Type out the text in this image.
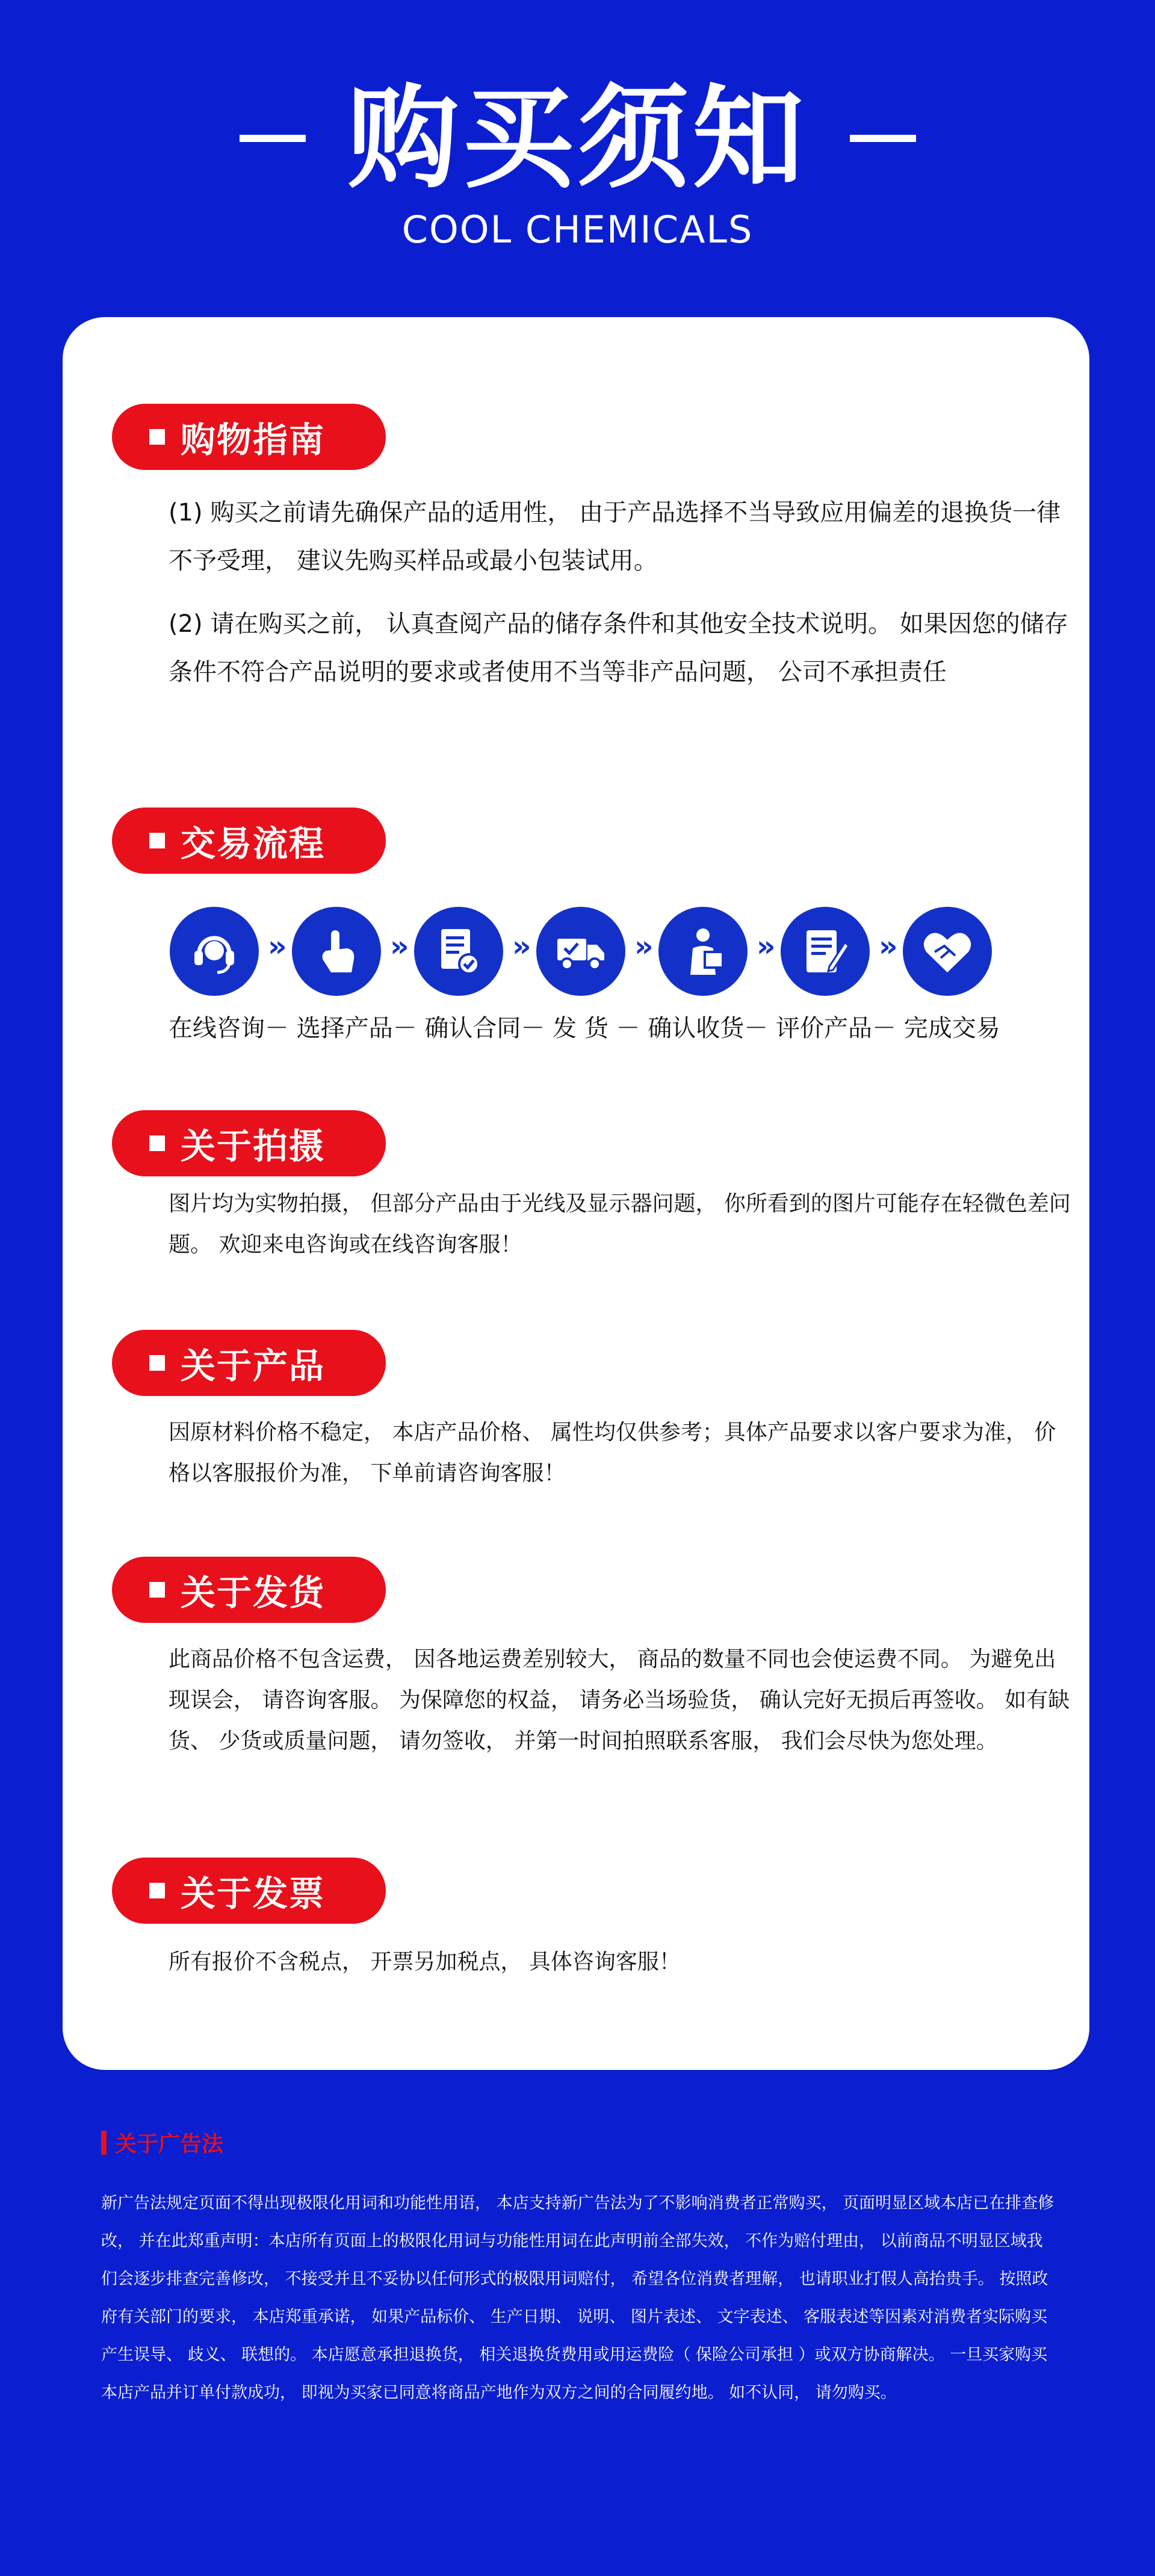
购买须知
COOL CHEMICALS
购物指南
(1) 购买之前请先确保产品的适用性， 由于产品选择不当导致应用偏差的退换货一律不予受理， 建议先购买样品或最小包装试用。
(2) 请在购买之前， 认真查阅产品的储存条件和其他安全技术说明。 如果因您的储存条件不符合产品说明的要求或者使用不当等非产品问题， 公司不承担责任
交易流程
关于拍摄
图片均为实物拍摄， 但部分产品由于光线及显示器问题， 你所看到的图片可能存在轻微色差问题。 欢迎来电咨询或在线咨询客服！
关于产品
因原材料价格不稳定， 本店产品价格、 属性均仅供参考；具体产品要求以客户要求为准， 价格以客服报价为准， 下单前请咨询客服！
关于发货
此商品价格不包含运费， 因各地运费差别较大， 商品的数量不同也会使运费不同。 为避免出现误会， 请咨询客服。 为保障您的权益， 请务必当场验货， 确认完好无损后再签收。 如有缺货、 少货或质量问题， 请勿签收， 并第一时间拍照联系客服， 我们会尽快为您处理。
关于发票
所有报价不含税点， 开票另加税点， 具体咨询客服！
››	››	››	››	››	››
在线咨询－ 选择产品－ 确认合同－ 发 货 － 确认收货－ 评价产品－ 完成交易
关于广告法
新广告法规定页面不得出现极限化用词和功能性用语， 本店支持新广告法为了不影响消费者正常购买， 页面明显区域本店已在排查修改， 并在此郑重声明：本店所有页面上的极限化用词与功能性用词在此声明前全部失效， 不作为赔付理由， 以前商品不明显区域我们会逐步排查完善修改， 不接受并且不妥协以任何形式的极限用词赔付， 希望各位消费者理解， 也请职业打假人高抬贵手。 按照政府有关部门的要求， 本店郑重承诺， 如果产品标价、 生产日期、 说明、 图片表述、 文字表述、 客服表述等因素对消费者实际购买产生误导、 歧义、 联想的。 本店愿意承担退换货， 相关退换货费用或用运费险（ 保险公司承担 ）或双方协商解决。 一旦买家购买本店产品并订单付款成功， 即视为买家已同意将商品产地作为双方之间的合同履约地。 如不认同， 请勿购买。
